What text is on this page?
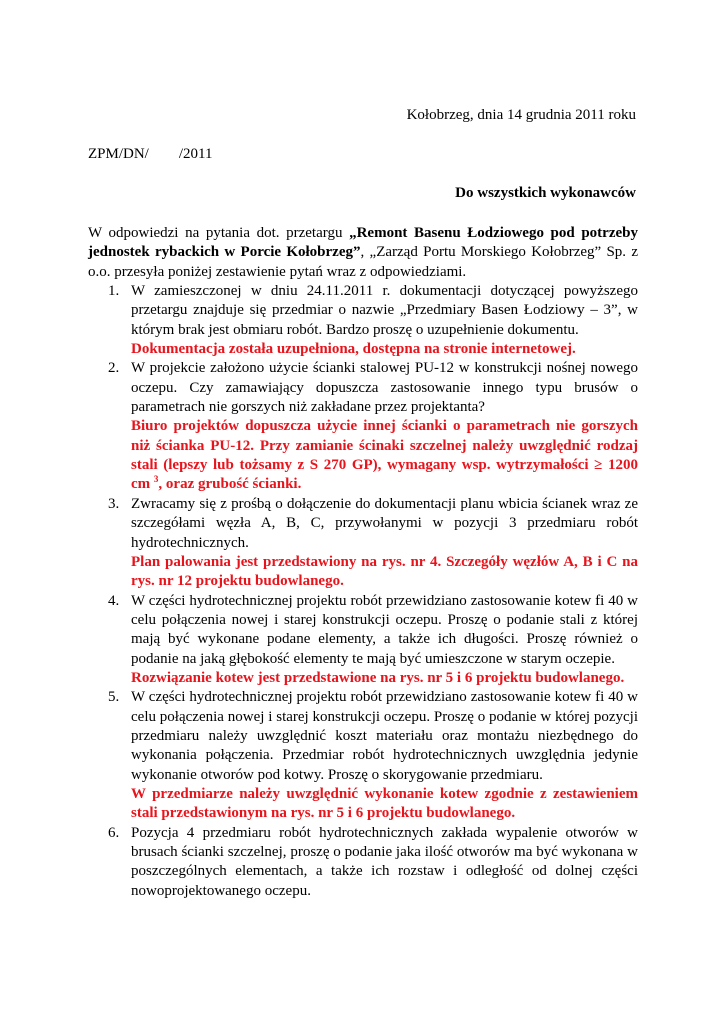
Kołobrzeg, dnia 14 grudnia 2011 roku
ZPM/DN/        /2011
Do wszystkich wykonawców

W odpowiedzi na pytania dot. przetargu „Remont Basenu Łodziowego pod potrzeby jednostek rybackich w Porcie Kołobrzeg”, „Zarząd Portu Morskiego Kołobrzeg” Sp. z o.o. przesyła poniżej zestawienie pytań wraz z odpowiedziami.

1. W zamieszczonej w dniu 24.11.2011 r. dokumentacji dotyczącej powyższego przetargu znajduje się przedmiar o nazwie „Przedmiary Basen Łodziowy – 3”, w którym brak jest obmiaru robót. Bardzo proszę o uzupełnienie dokumentu.

Dokumentacja została uzupełniona, dostępna na stronie internetowej.

2. W projekcie założono użycie ścianki stalowej PU-12 w konstrukcji nośnej nowego oczepu. Czy zamawiający dopuszcza zastosowanie innego typu brusów o parametrach nie gorszych niż zakładane przez projektanta?

Biuro projektów dopuszcza użycie innej ścianki o parametrach nie gorszych niż ścianka PU-12. Przy zamianie ścinaki szczelnej należy uwzględnić rodzaj stali (lepszy lub tożsamy z S 270 GP), wymagany wsp. wytrzymałości ≥ 1200 cm $^3$, oraz grubość ścianki.

3. Zwracamy się z prośbą o dołączenie do dokumentacji planu wbicia ścianek wraz ze szczegółami węzła A, B, C, przywołanymi w pozycji 3 przedmiaru robót hydrotechnicznych.

Plan palowania jest przedstawiony na rys. nr 4. Szczegóły węzłów A, B i C na rys. nr 12 projektu budowlanego.

4. W części hydrotechnicznej projektu robót przewidziano zastosowanie kotew fi 40 w celu połączenia nowej i starej konstrukcji oczepu. Proszę o podanie stali z której mają być wykonane podane elementy, a także ich długości. Proszę również o podanie na jaką głębokość elementy te mają być umieszczone w starym oczepie.

Rozwiązanie kotew jest przedstawione na rys. nr 5 i 6 projektu budowlanego.

5. W części hydrotechnicznej projektu robót przewidziano zastosowanie kotew fi 40 w celu połączenia nowej i starej konstrukcji oczepu. Proszę o podanie w której pozycji przedmiaru należy uwzględnić koszt materiału oraz montażu niezbędnego do wykonania połączenia. Przedmiar robót hydrotechnicznych uwzględnia jedynie wykonanie otworów pod kotwy. Proszę o skorygowanie przedmiaru.

W przedmiarze należy uwzględnić wykonanie kotew zgodnie z zestawieniem stali przedstawionym na rys. nr 5 i 6 projektu budowlanego.

6. Pozycja 4 przedmiaru robót hydrotechnicznych zakłada wypalenie otworów w brusach ścianki szczelnej, proszę o podanie jaka ilość otworów ma być wykonana w poszczególnych elementach, a także ich rozstaw i odległość od dolnej części nowoprojektowanego oczepu.
